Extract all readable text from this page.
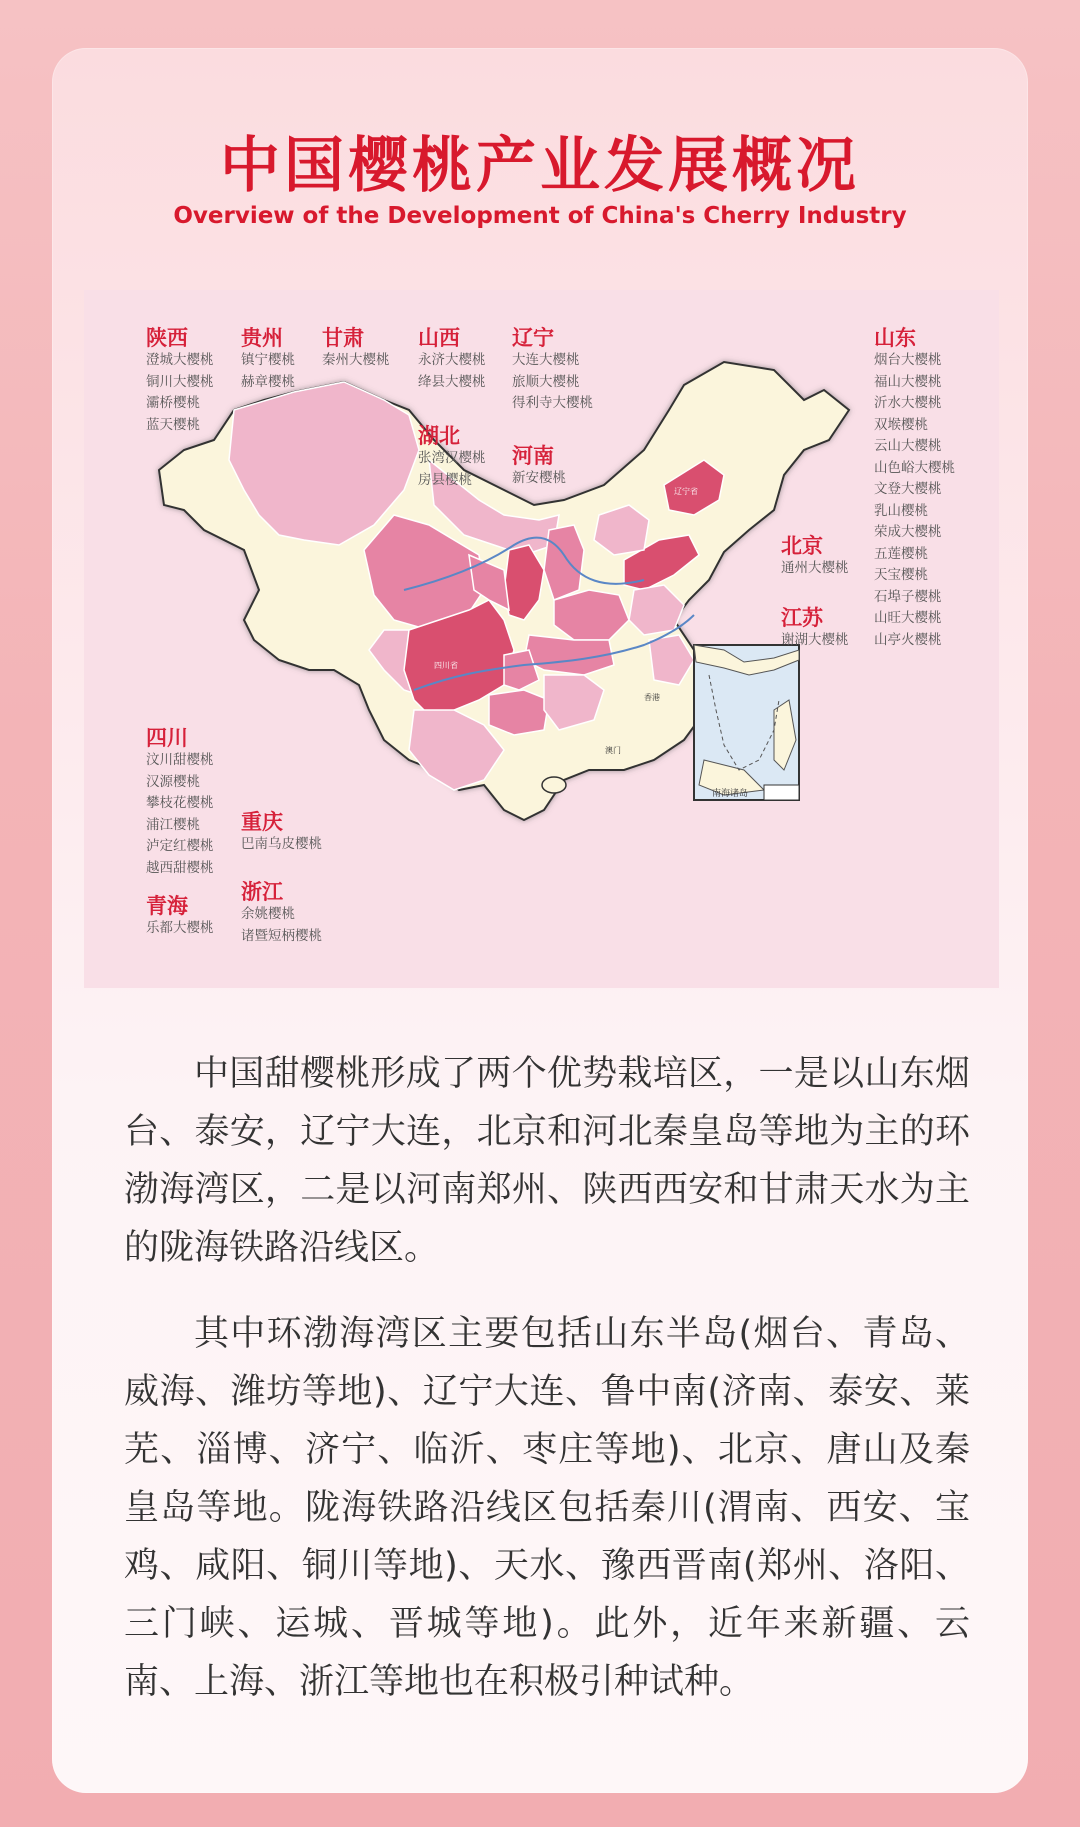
中国樱桃产业发展概况
Overview of the Development of China's Cherry Industry
南海诸岛
辽宁省
四川省
香港
澳门
陕西
澄城大樱桃
铜川大樱桃
灞桥樱桃
蓝天樱桃
贵州
镇宁樱桃
赫章樱桃
甘肃
秦州大樱桃
山西
永济大樱桃
绛县大樱桃
湖北
张湾汉樱桃
房县樱桃
辽宁
大连大樱桃
旅顺大樱桃
得利寺大樱桃
河南
新安樱桃
山东
烟台大樱桃
福山大樱桃
沂水大樱桃
双堠樱桃
云山大樱桃
山色峪大樱桃
文登大樱桃
乳山樱桃
荣成大樱桃
五莲樱桃
天宝樱桃
石埠子樱桃
山旺大樱桃
山亭火樱桃
北京
通州大樱桃
江苏
谢湖大樱桃
四川
汶川甜樱桃
汉源樱桃
攀枝花樱桃
浦江樱桃
泸定红樱桃
越西甜樱桃
重庆
巴南乌皮樱桃
青海
乐都大樱桃
浙江
余姚樱桃
诸暨短柄樱桃

中国甜樱桃形成了两个优势栽培区，一是以山东烟台、泰安，辽宁大连，北京和河北秦皇岛等地为主的环渤海湾区，二是以河南郑州、陕西西安和甘肃天水为主的陇海铁路沿线区。

其中环渤海湾区主要包括山东半岛(烟台、青岛、威海、潍坊等地)、辽宁大连、鲁中南(济南、泰安、莱芜、淄博、济宁、临沂、枣庄等地)、北京、唐山及秦皇岛等地。陇海铁路沿线区包括秦川(渭南、西安、宝鸡、咸阳、铜川等地)、天水、豫西晋南(郑州、洛阳、三门峡、运城、晋城等地)。此外，近年来新疆、云南、上海、浙江等地也在积极引种试种。
